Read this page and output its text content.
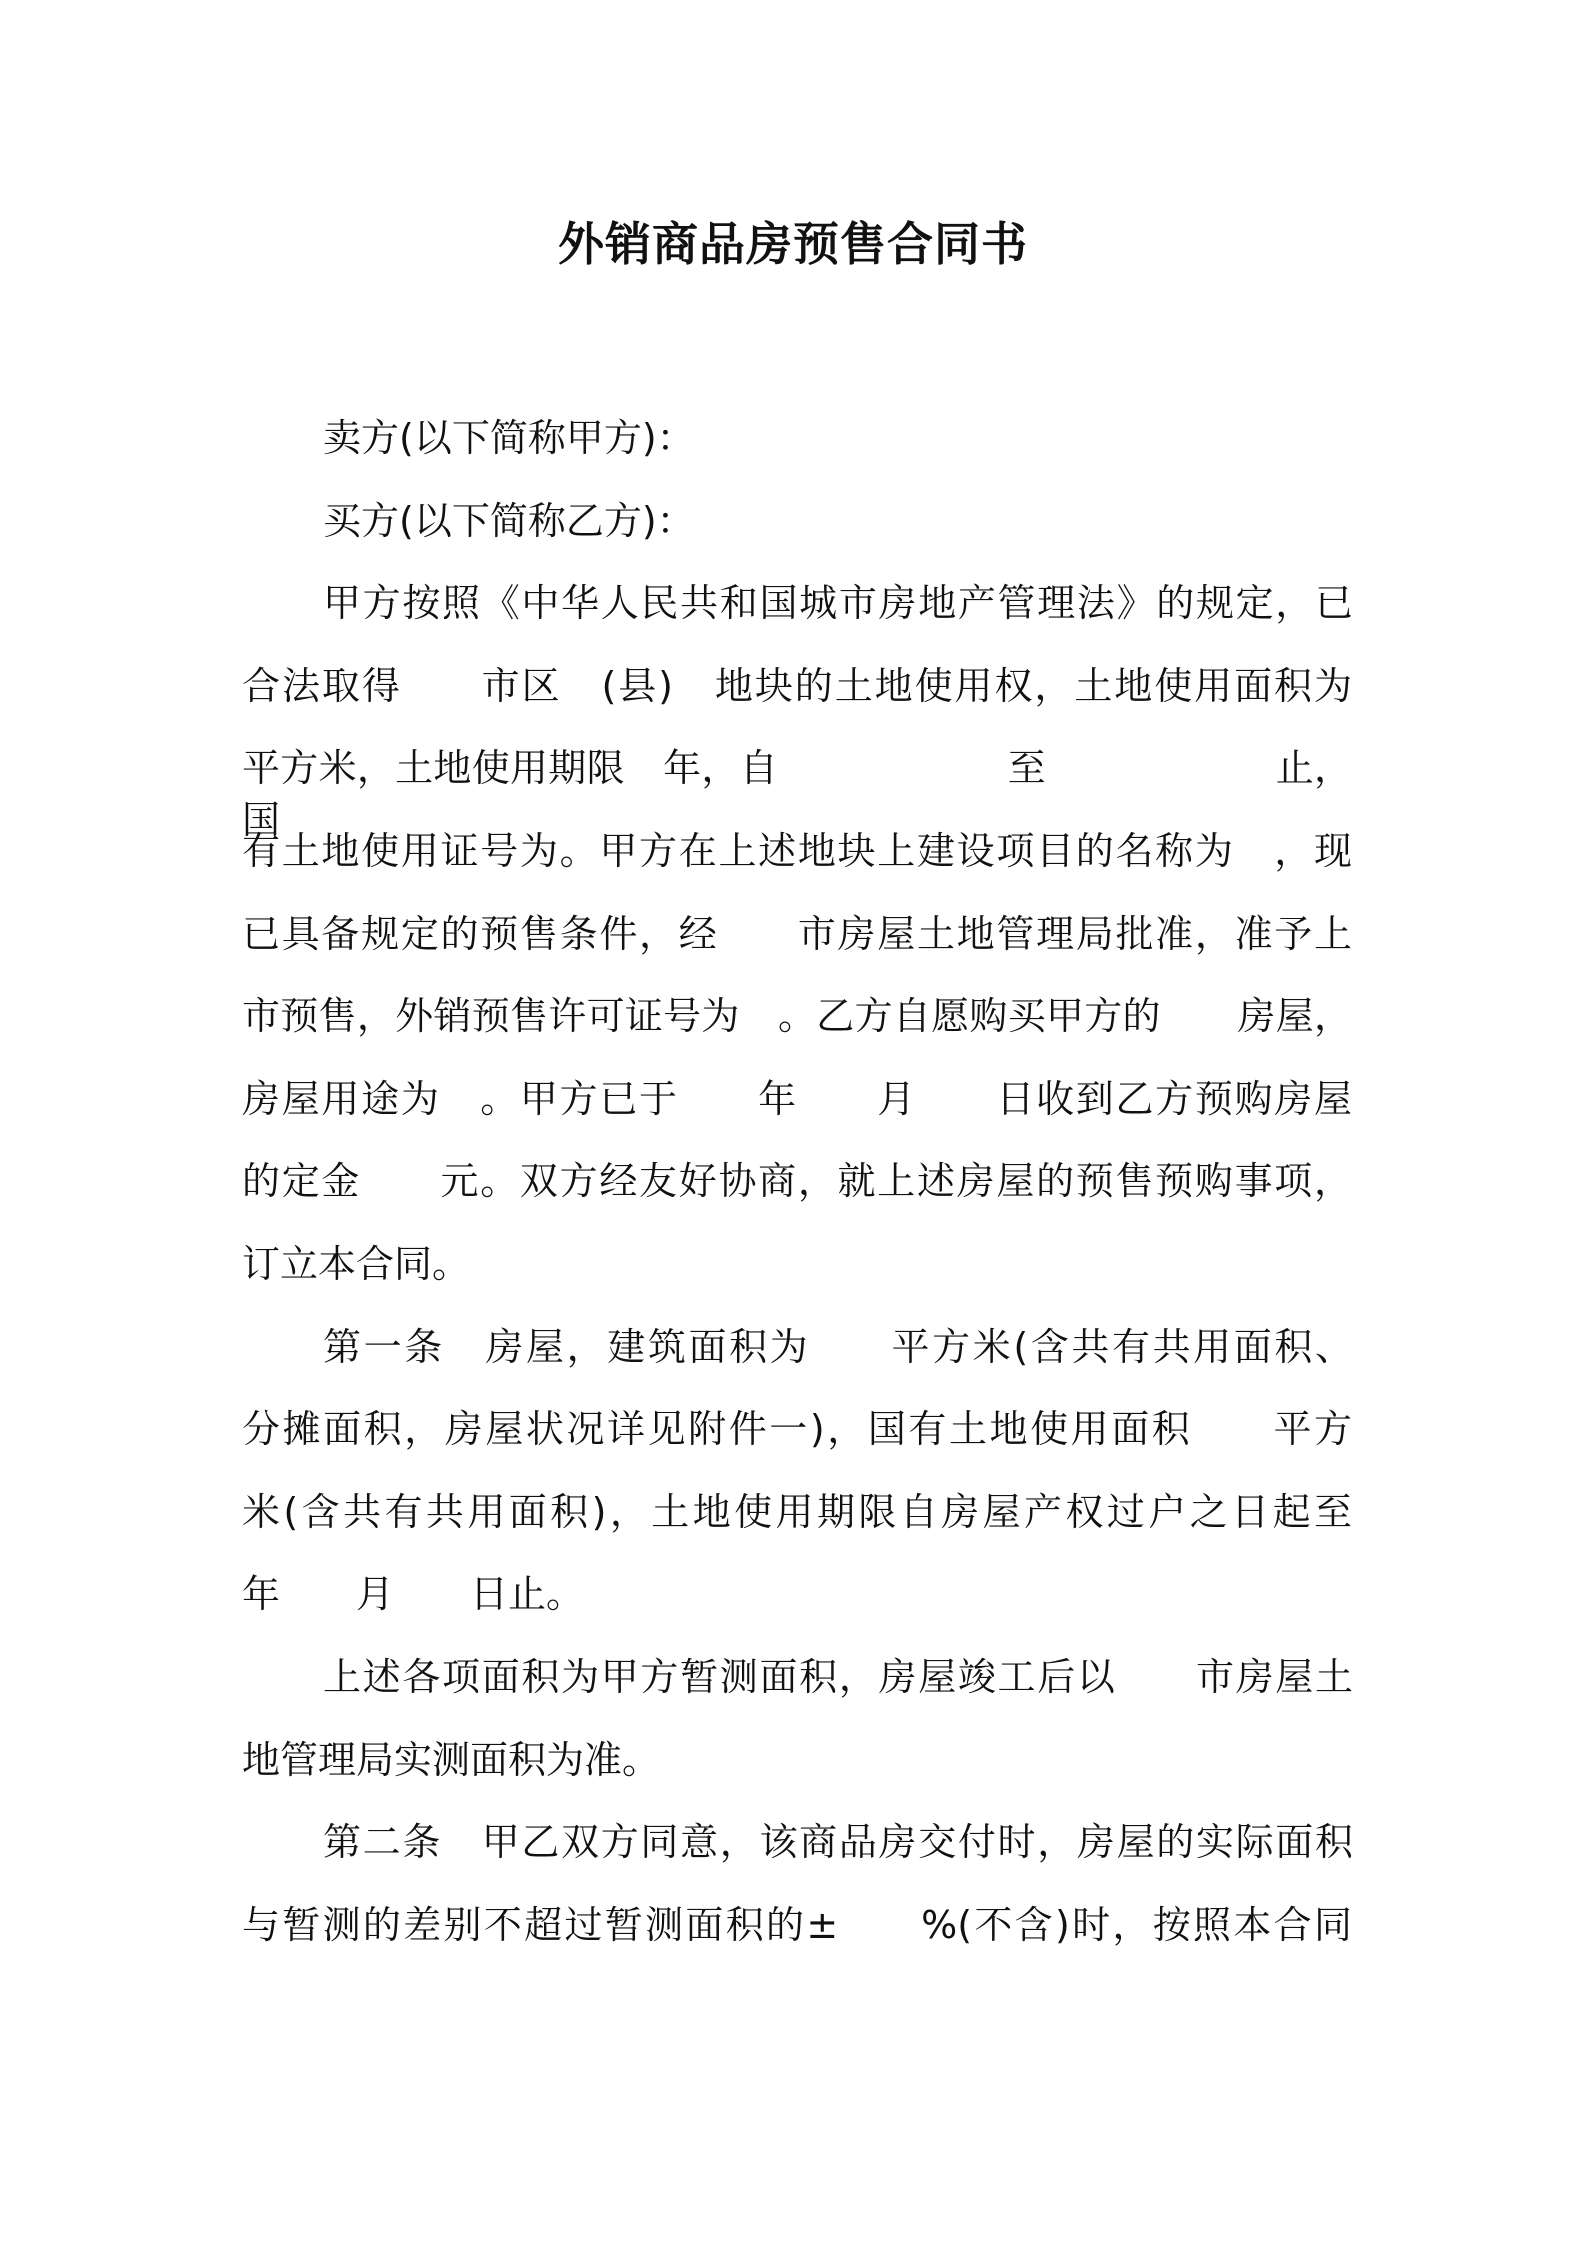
外销商品房预售合同书

卖方(以下简称甲方)：

买方(以下简称乙方)：

甲方按照《中华人民共和国城市房地产管理法》的规定，已

合法取得　　市区　(县)　地块的土地使用权，土地使用面积为

平方米，土地使用期限　年，自　　　　　　至　　　　　　止，国

有土地使用证号为。甲方在上述地块上建设项目的名称为　，现

已具备规定的预售条件，经　　市房屋土地管理局批准，准予上

市预售，外销预售许可证号为　。乙方自愿购买甲方的　　房屋，

房屋用途为　。甲方已于　　年　　月　　日收到乙方预购房屋

的定金　　元。双方经友好协商，就上述房屋的预售预购事项，

订立本合同。

第一条　房屋，建筑面积为　　平方米(含共有共用面积、

分摊面积，房屋状况详见附件一)，国有土地使用面积　　平方

米(含共有共用面积)，土地使用期限自房屋产权过户之日起至

年　　月　　日止。

上述各项面积为甲方暂测面积，房屋竣工后以　　市房屋土

地管理局实测面积为准。

第二条　甲乙双方同意，该商品房交付时，房屋的实际面积

与暂测的差别不超过暂测面积的±　　%(不含)时，按照本合同
